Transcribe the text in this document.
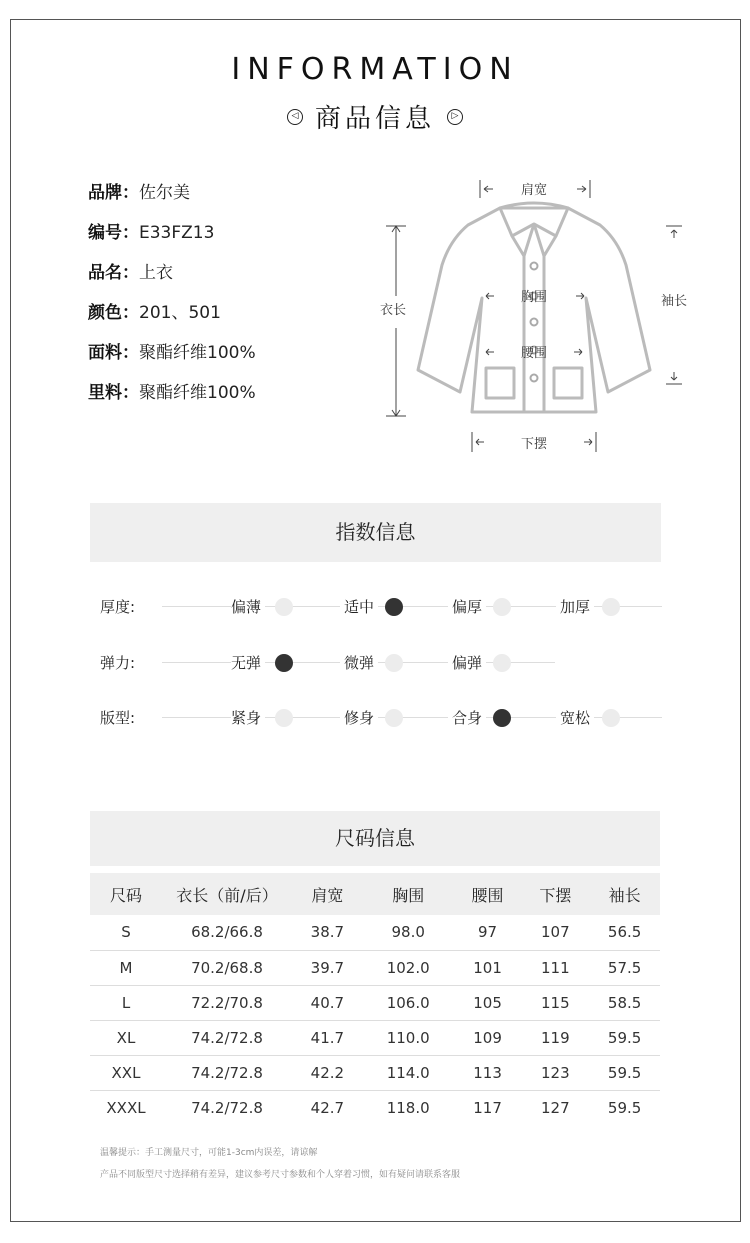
INFORMATION
◁ 商品信息 ▷
品牌：佐尔美
编号：E33FZ13
品名：上衣
颜色：201、501
面料：聚酯纤维100%
里料：聚酯纤维100%
肩宽
衣长
胸围
腰围
袖长
下摆
指数信息
厚度:	偏薄	适中	偏厚	加厚
弹力:	无弹	微弹	偏弹
版型:	紧身	修身	合身	宽松
尺码信息
尺码	衣长（前/后）	肩宽	胸围	腰围	下摆	袖长
S	68.2/66.8	38.7	98.0	97	107	56.5
M	70.2/68.8	39.7	102.0	101	111	57.5
L	72.2/70.8	40.7	106.0	105	115	58.5
XL	74.2/72.8	41.7	110.0	109	119	59.5
XXL	74.2/72.8	42.2	114.0	113	123	59.5
XXXL	74.2/72.8	42.7	118.0	117	127	59.5
温馨提示：手工测量尺寸，可能1-3cm内误差，请谅解
产品不同版型尺寸选择稍有差异，建议参考尺寸参数和个人穿着习惯，如有疑问请联系客服
